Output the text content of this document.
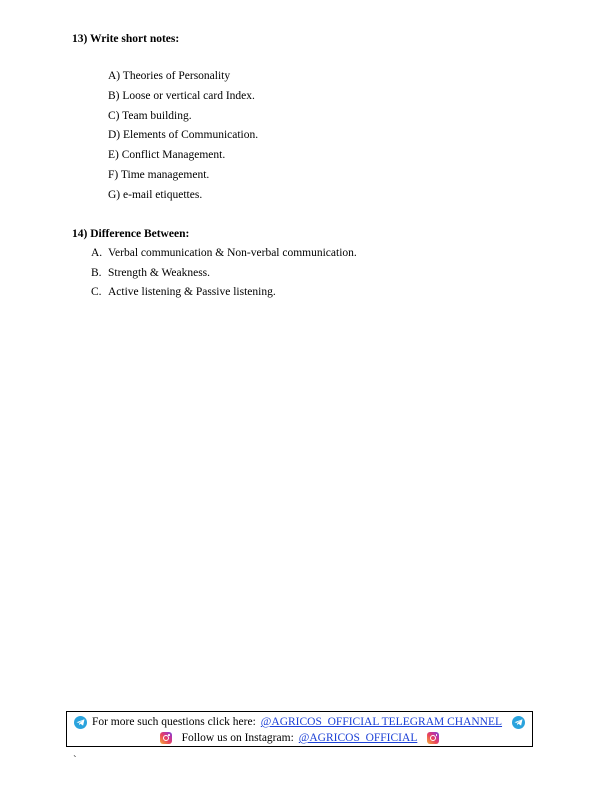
13) Write short notes:
A) Theories of Personality
B) Loose or vertical card Index.
C) Team building.
D) Elements of Communication.
E) Conflict Management.
F) Time management.
G) e-mail etiquettes.
14) Difference Between:
A. Verbal communication & Non-verbal communication.
B. Strength & Weakness.
C. Active listening & Passive listening.
For more such questions click here: @AGRICOS_OFFICIAL TELEGRAM CHANNEL
Follow us on Instagram: @AGRICOS_OFFICIAL
`
